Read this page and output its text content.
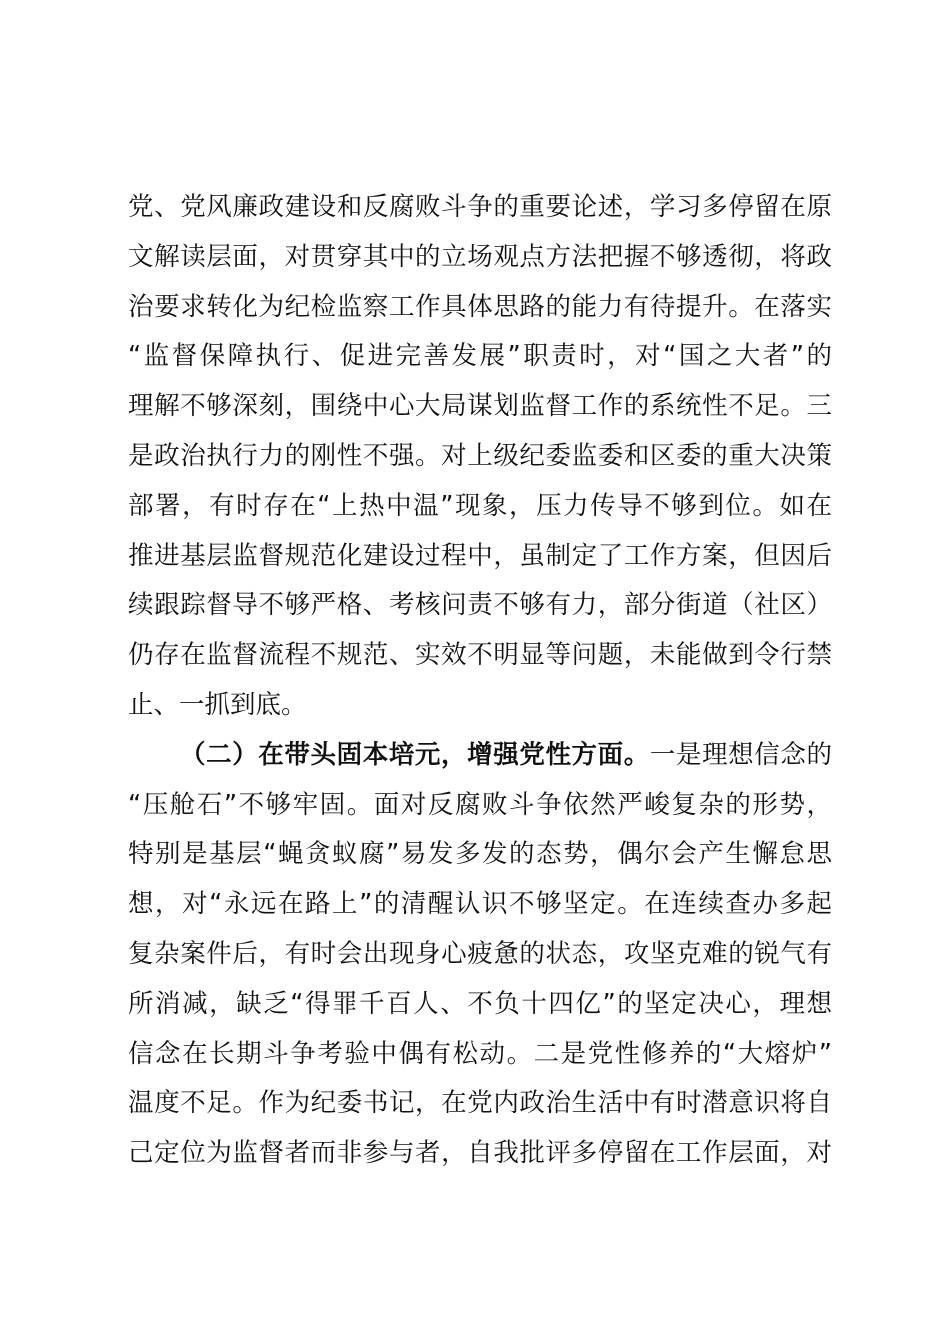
党、党风廉政建设和反腐败斗争的重要论述，学习多停留在原
文解读层面，对贯穿其中的立场观点方法把握不够透彻，将政
治要求转化为纪检监察工作具体思路的能力有待提升。在落实
“监督保障执行、促进完善发展”职责时，对“国之大者”的
理解不够深刻，围绕中心大局谋划监督工作的系统性不足。三
是政治执行力的刚性不强。对上级纪委监委和区委的重大决策
部署，有时存在“上热中温”现象，压力传导不够到位。如在
推进基层监督规范化建设过程中，虽制定了工作方案，但因后
续跟踪督导不够严格、考核问责不够有力，部分街道（社区）
仍存在监督流程不规范、实效不明显等问题，未能做到令行禁
止、一抓到底。
（二）在带头固本培元，增强党性方面。一是理想信念的
“压舱石”不够牢固。面对反腐败斗争依然严峻复杂的形势，
特别是基层“蝇贪蚁腐”易发多发的态势，偶尔会产生懈怠思
想，对“永远在路上”的清醒认识不够坚定。在连续查办多起
复杂案件后，有时会出现身心疲惫的状态，攻坚克难的锐气有
所消减，缺乏“得罪千百人、不负十四亿”的坚定决心，理想
信念在长期斗争考验中偶有松动。二是党性修养的“大熔炉”
温度不足。作为纪委书记，在党内政治生活中有时潜意识将自
己定位为监督者而非参与者，自我批评多停留在工作层面，对
